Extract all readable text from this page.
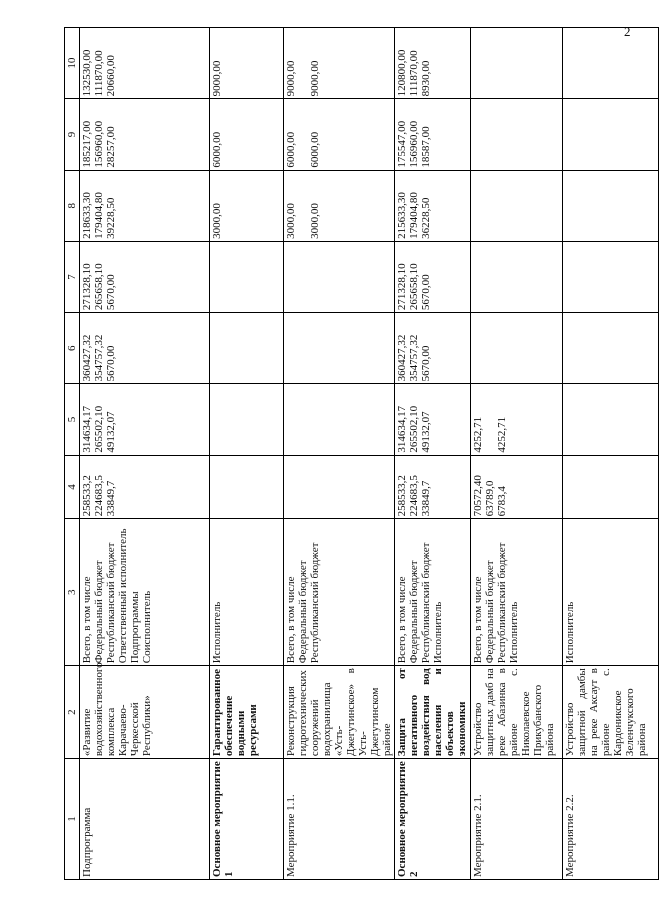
2
1	2	3	4	5	6	7	8	9	10
Подпрограмма	«Развитие водохозяйственного комплекса Карачаево-Черкесской Республики»	Всего, в том числе Федеральный бюджет Республиканский бюджет Ответственный исполнитель Подпрограммы Соисполнитель	258533,2 224683,5 33849,7	314634,17 265502,10 49132,07	360427,32 354757,32 5670,00	271328,10 265658,10 5670,00	218633,30 179404,80 39228,50	185217,00 156960,00 28257,00	132530,00 111870,00 20660,00

Основное мероприятие 1	Гарантированное обеспечение водными ресурсами	Исполнитель					3000,00	6000,00	9000,00

Мероприятие 1.1.	Реконструкция гидротехнических сооружений водохранилища «Усть-Джегутинское» в Усть-Джегутинском районе	Всего, в том числе Федеральный бюджет Республиканский бюджет					3000,00 3000,00	6000,00 6000,00	9000,00 9000,00

Основное мероприятие 2	Защита от негативного воздействия вод населения и объектов экономики	Всего, в том числе Федеральный бюджет Республиканский бюджет Исполнитель	258533,2 224683,5 33849,7	314634,17 265502,10 49132,07	360427,32 354757,32 5670,00	271328,10 265658,10 5670,00	215633,30 179404,80 36228,50	175547,00 156960,00 18587,00	120800,00 111870,00 8930,00

Мероприятие 2.1.	Устройство защитных дамб на реке Абазинка в районе с. Николаевское Прикубанского района	Всего, в том числе Федеральный бюджет Республиканский бюджет Исполнитель	70572,40 63789,0 6783,4	4252,71 4252,71					

Мероприятие 2.2.	Устройство защитной дамбы на реке Аксаут в районе с. Кардоникское Зеленчукского района	Исполнитель							
